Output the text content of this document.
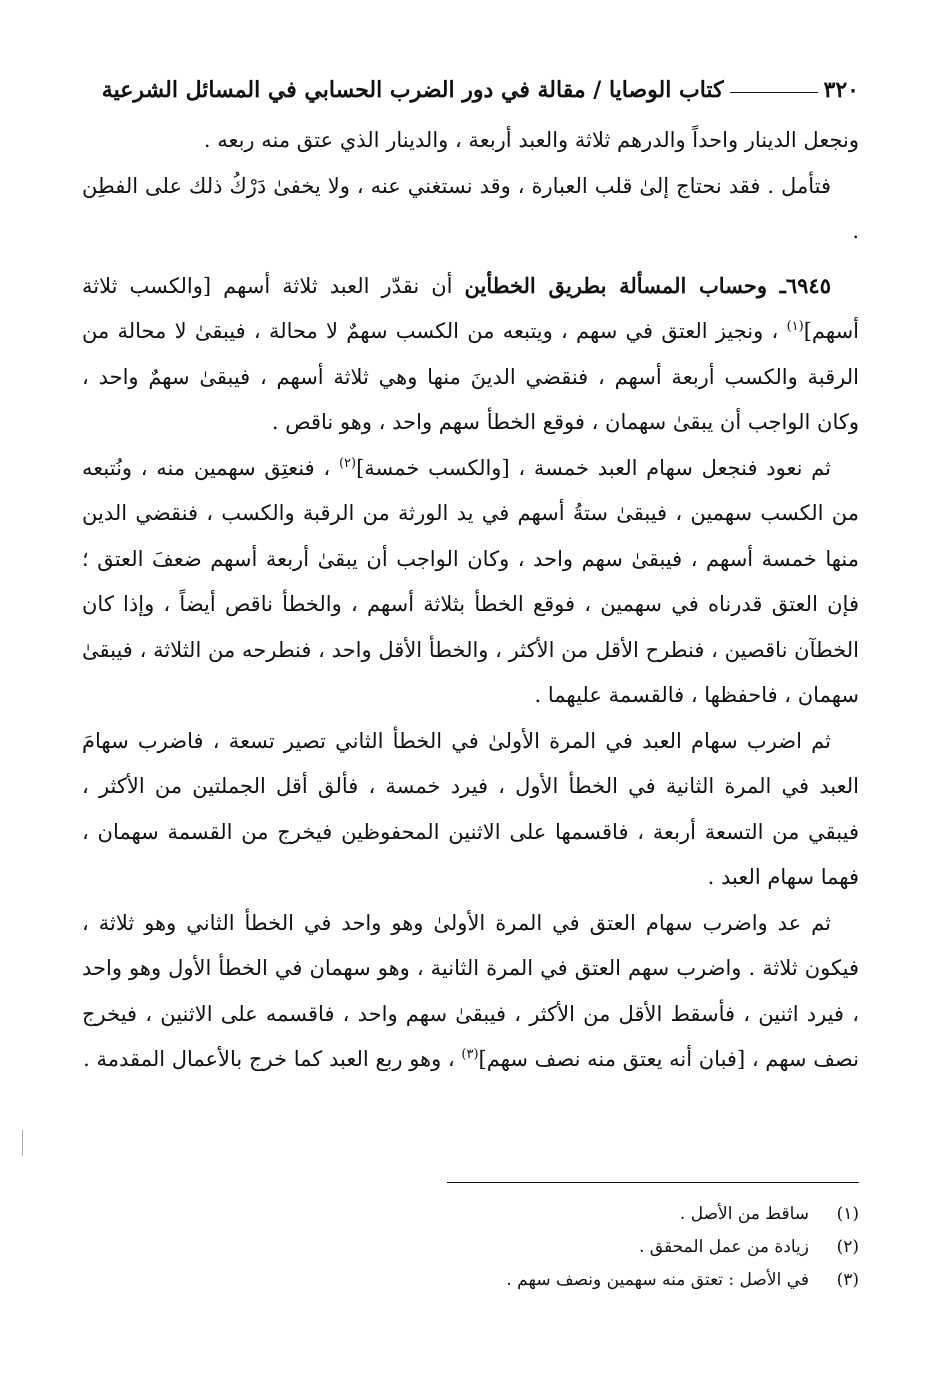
٣٢٠
كتاب الوصايا / مقالة في دور الضرب الحسابي في المسائل الشرعية

ونجعل الدينار واحداً والدرهم ثلاثة والعبد أربعة ، والدينار الذي عتق منه ربعه .

فتأمل . فقد نحتاج إلىٰ قلب العبارة ، وقد نستغني عنه ، ولا يخفىٰ دَرْكُ ذلك على الفطِن .

٦٩٤٥ـ وحساب المسألة بطريق الخطأين أن نقدّر العبد ثلاثة أسهم [والكسب ثلاثة أسهم]$^{(١)}$ ، ونجيز العتق في سهم ، ويتبعه من الكسب سهمٌ لا محالة ، فيبقىٰ لا محالة من الرقبة والكسب أربعة أسهم ، فنقضي الدينَ منها وهي ثلاثة أسهم ، فيبقىٰ سهمٌ واحد ، وكان الواجب أن يبقىٰ سهمان ، فوقع الخطأ سهم واحد ، وهو ناقص .

ثم نعود فنجعل سهام العبد خمسة ، [والكسب خمسة]$^{(٢)}$ ، فنعتِق سهمين منه ، ونُتبعه من الكسب سهمين ، فيبقىٰ ستةُ أسهم في يد الورثة من الرقبة والكسب ، فنقضي الدين منها خمسة أسهم ، فيبقىٰ سهم واحد ، وكان الواجب أن يبقىٰ أربعة أسهم ضعفَ العتق ؛ فإن العتق قدرناه في سهمين ، فوقع الخطأ بثلاثة أسهم ، والخطأ ناقص أيضاً ، وإذا كان الخطآن ناقصين ، فنطرح الأقل من الأكثر ، والخطأ الأقل واحد ، فنطرحه من الثلاثة ، فيبقىٰ سهمان ، فاحفظها ، فالقسمة عليهما .

ثم اضرب سهام العبد في المرة الأولىٰ في الخطأ الثاني تصير تسعة ، فاضرب سهامَ العبد في المرة الثانية في الخطأ الأول ، فيرد خمسة ، فألق أقل الجملتين من الأكثر ، فيبقي من التسعة أربعة ، فاقسمها على الاثنين المحفوظين فيخرج من القسمة سهمان ، فهما سهام العبد .

ثم عد واضرب سهام العتق في المرة الأولىٰ وهو واحد في الخطأ الثاني وهو ثلاثة ، فيكون ثلاثة . واضرب سهم العتق في المرة الثانية ، وهو سهمان في الخطأ الأول وهو واحد ، فيرد اثنين ، فأسقط الأقل من الأكثر ، فيبقىٰ سهم واحد ، فاقسمه على الاثنين ، فيخرج نصف سهم ، [فبان أنه يعتق منه نصف سهم]$^{(٣)}$ ، وهو ربع العبد كما خرج بالأعمال المقدمة .

(١)
ساقط من الأصل .
(٢)
زيادة من عمل المحقق .
(٣)
في الأصل : تعتق منه سهمين ونصف سهم .
